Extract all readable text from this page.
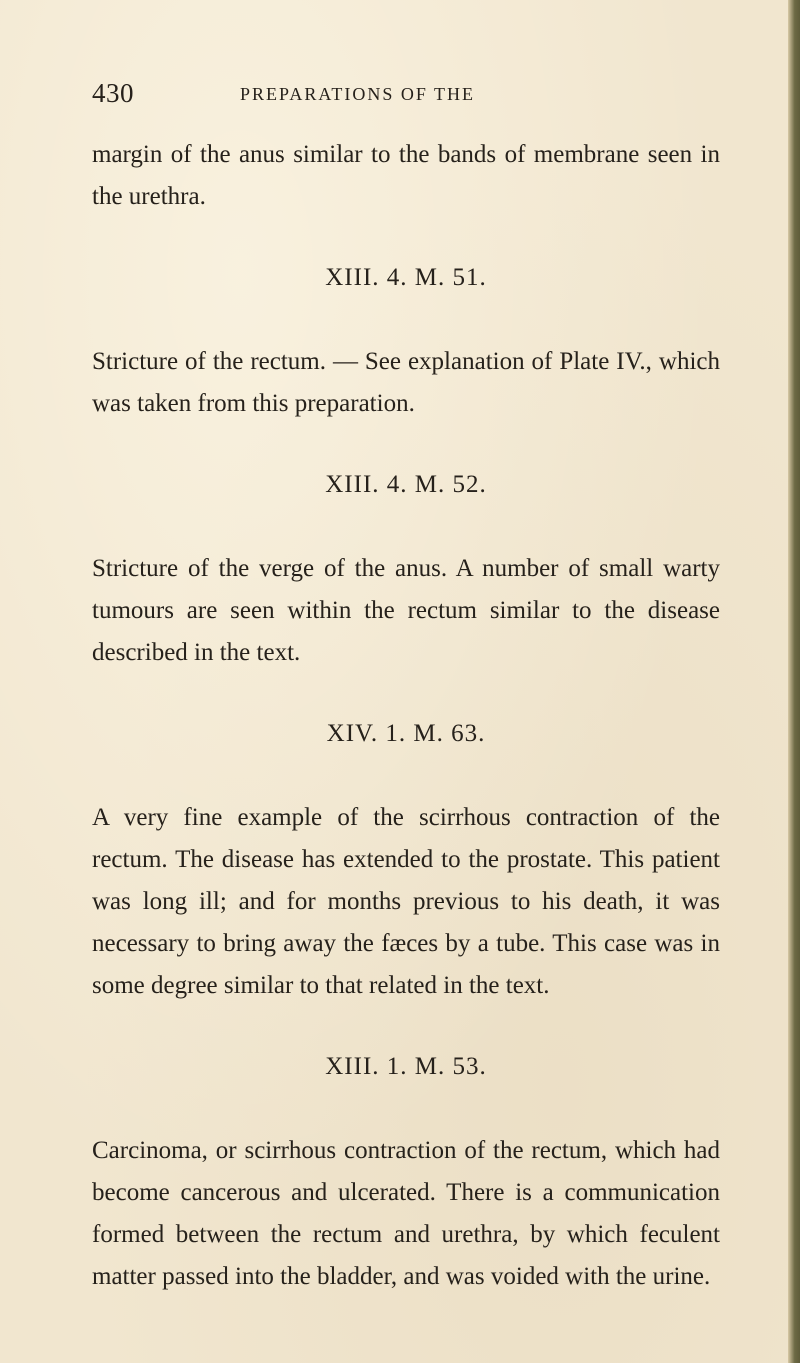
430	PREPARATIONS OF THE

margin of the anus similar to the bands of membrane seen in the urethra.

XIII. 4. M. 51.

Stricture of the rectum. — See explanation of Plate IV., which was taken from this preparation.

XIII. 4. M. 52.

Stricture of the verge of the anus. A number of small warty tumours are seen within the rectum similar to the disease described in the text.

XIV. 1. M. 63.

A very fine example of the scirrhous contraction of the rectum. The disease has extended to the prostate. This patient was long ill; and for months previous to his death, it was necessary to bring away the fæces by a tube. This case was in some degree similar to that related in the text.

XIII. 1. M. 53.

Carcinoma, or scirrhous contraction of the rectum, which had become cancerous and ulcerated. There is a communication formed between the rectum and urethra, by which feculent matter passed into the bladder, and was voided with the urine.
